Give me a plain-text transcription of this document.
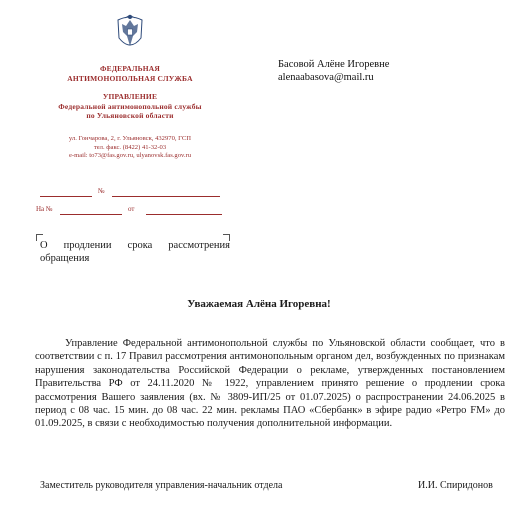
ФЕДЕРАЛЬНАЯ
АНТИМОНОПОЛЬНАЯ СЛУЖБА
УПРАВЛЕНИЕ
Федеральной антимонопольной службы
по Ульяновской области
ул. Гончарова, 2, г. Ульяновск, 432970, ГСП
тел. факс. (8422) 41-32-03
e-mail: to73@fas.gov.ru, ulyanovsk.fas.gov.ru
№
На №	от
Басовой Алёне Игоревне
alenaabasova@mail.ru
О продлении срока рассмотрения обращения
Уважаемая Алёна Игоревна!
Управление Федеральной антимонопольной службы по Ульяновской области сообщает, что в соответствии с п. 17 Правил рассмотрения антимонопольным органом дел, возбужденных по признакам нарушения законодательства Российской Федерации о рекламе, утвержденных постановлением Правительства РФ от 24.11.2020 № 1922, управлением принято решение о продлении срока рассмотрения Вашего заявления (вх. № 3809-ИП/25 от 01.07.2025) о распространении 24.06.2025 в период с 08 час. 15 мин. до 08 час. 22 мин. рекламы ПАО «Сбербанк» в эфире радио «Ретро FM» до 01.09.2025, в связи с необходимостью получения дополнительной информации.
Заместитель руководителя управления-начальник отдела	И.И. Спиридонов
